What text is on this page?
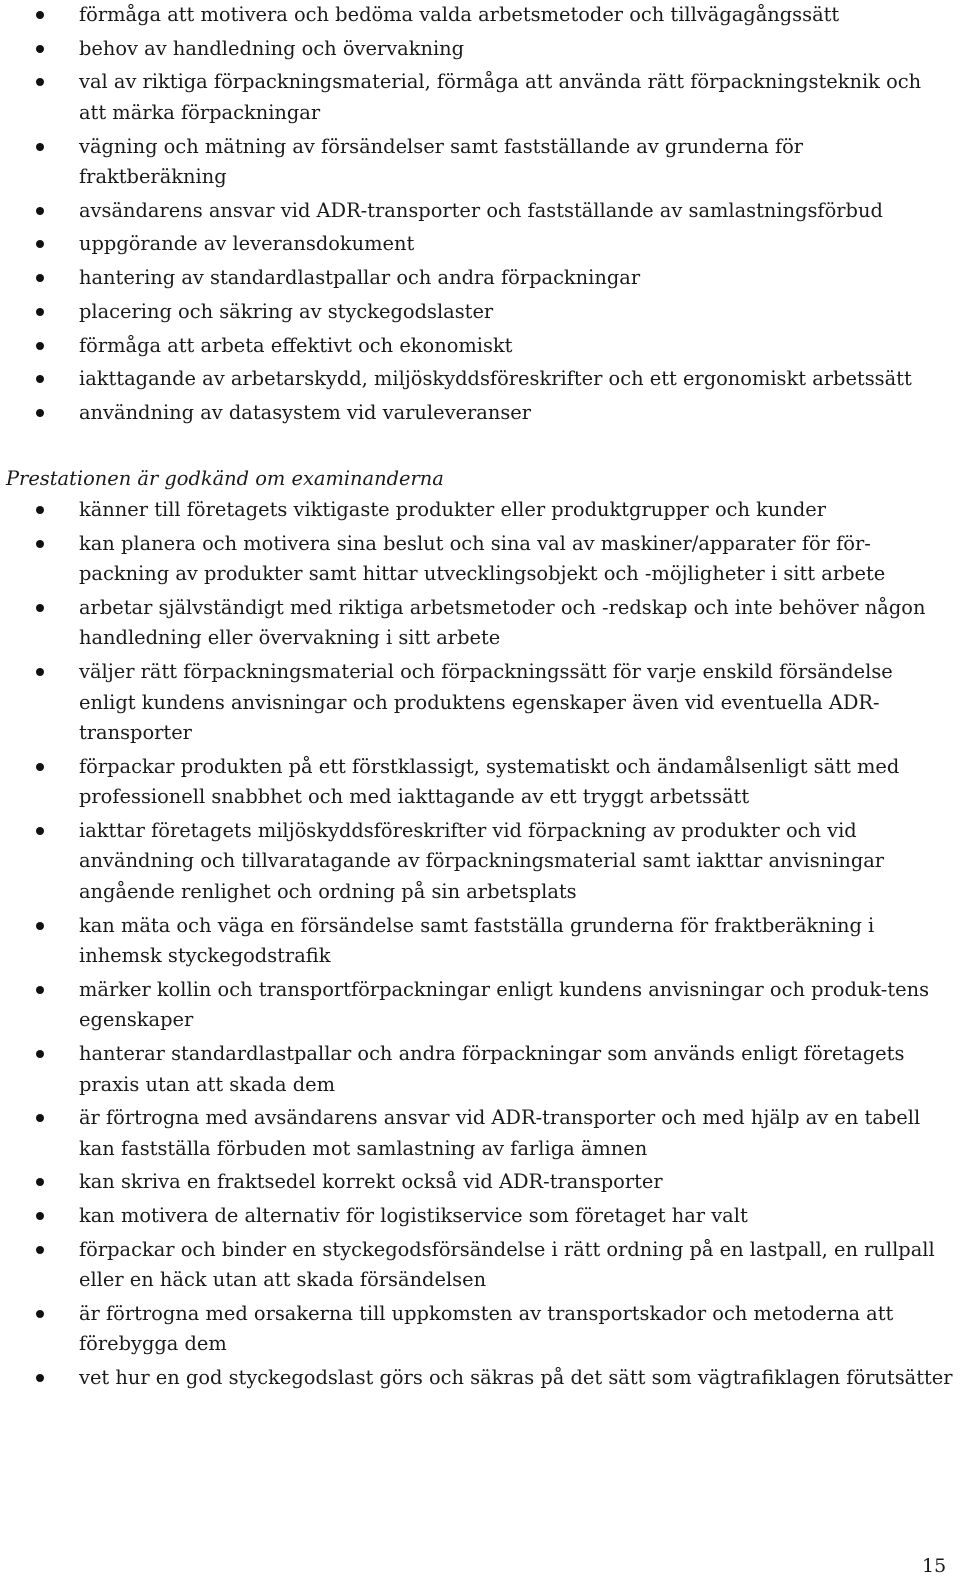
förmåga att motivera och bedöma valda arbetsmetoder och tillvägagångssätt
behov av handledning och övervakning
val av riktiga förpackningsmaterial, förmåga att använda rätt förpackningsteknik och att märka förpackningar
vägning och mätning av försändelser samt fastställande av grunderna för fraktberäkning
avsändarens ansvar vid ADR-transporter och fastställande av samlastningsförbud
uppgörande av leveransdokument
hantering av standardlastpallar och andra förpackningar
placering och säkring av styckegodslaster
förmåga att arbeta effektivt och ekonomiskt
iakttagande av arbetarskydd, miljöskyddsföreskrifter och ett ergonomiskt arbetssätt
användning av datasystem vid varuleveranser
Prestationen är godkänd om examinanderna
känner till företagets viktigaste produkter eller produktgrupper och kunder
kan planera och motivera sina beslut och sina val av maskiner/apparater för för-packning av produkter samt hittar utvecklingsobjekt och -möjligheter i sitt arbete
arbetar självständigt med riktiga arbetsmetoder och -redskap och inte behöver någon handledning eller övervakning i sitt arbete
väljer rätt förpackningsmaterial och förpackningssätt för varje enskild försändelse enligt kundens anvisningar och produktens egenskaper även vid eventuella ADR-transporter
förpackar produkten på ett förstklassigt, systematiskt och ändamålsenligt sätt med professionell snabbhet och med iakttagande av ett tryggt arbetssätt
iakttar företagets miljöskyddsföreskrifter vid förpackning av produkter och vid användning och tillvaratagande av förpackningsmaterial samt iakttar anvisningar angående renlighet och ordning på sin arbetsplats
kan mäta och väga en försändelse samt fastställa grunderna för fraktberäkning i inhemsk styckegodstrafik
märker kollin och transportförpackningar enligt kundens anvisningar och produk-tens egenskaper
hanterar standardlastpallar och andra förpackningar som används enligt företagets praxis utan att skada dem
är förtrogna med avsändarens ansvar vid ADR-transporter och med hjälp av en tabell kan fastställa förbuden mot samlastning av farliga ämnen
kan skriva en fraktsedel korrekt också vid ADR-transporter
kan motivera de alternativ för logistikservice som företaget har valt
förpackar och binder en styckegodsförsändelse i rätt ordning på en lastpall, en rullpall eller en häck utan att skada försändelsen
är förtrogna med orsakerna till uppkomsten av transportskador och metoderna att förebygga dem
vet hur en god styckegodslast görs och säkras på det sätt som vägtrafiklagen förutsätter
15
